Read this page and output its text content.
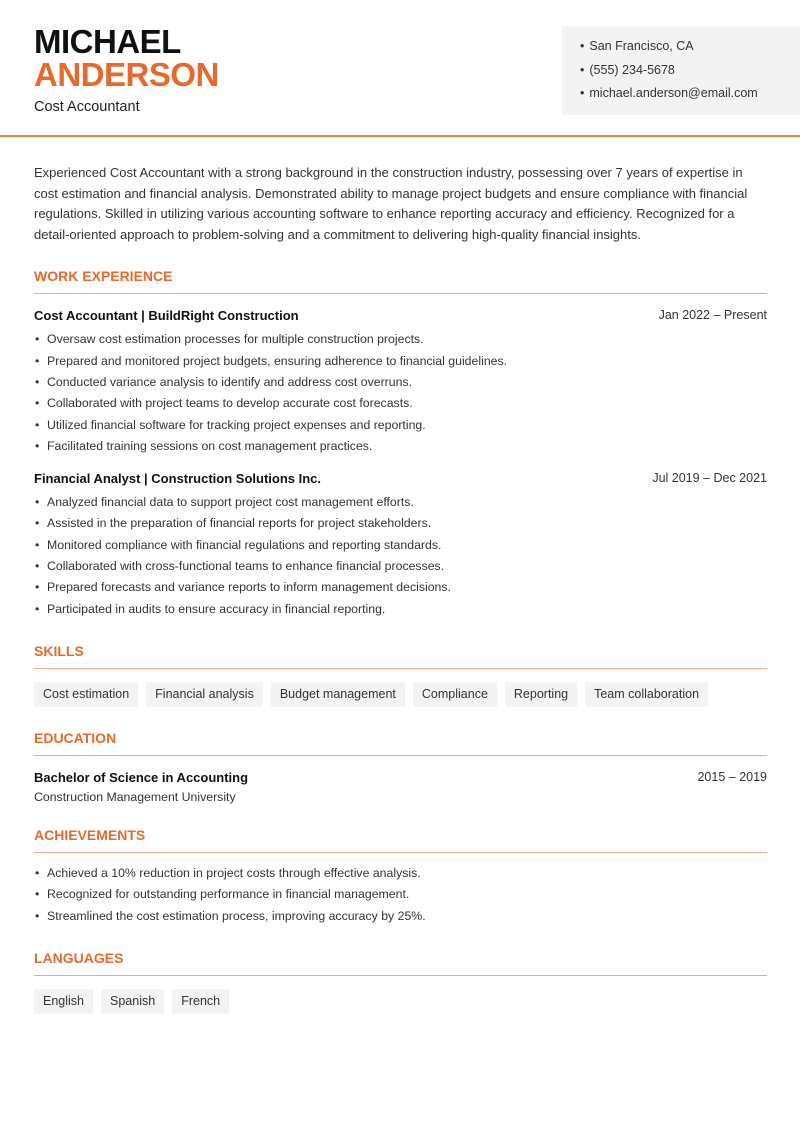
MICHAEL
ANDERSON
Cost Accountant
• San Francisco, CA
• (555) 234-5678
• michael.anderson@email.com

Experienced Cost Accountant with a strong background in the construction industry, possessing over 7 years of expertise in cost estimation and financial analysis. Demonstrated ability to manage project budgets and ensure compliance with financial regulations. Skilled in utilizing various accounting software to enhance reporting accuracy and efficiency. Recognized for a detail-oriented approach to problem-solving and a commitment to delivering high-quality financial insights.

WORK EXPERIENCE
Cost Accountant | BuildRight Construction	Jan 2022 – Present
• Oversaw cost estimation processes for multiple construction projects.
• Prepared and monitored project budgets, ensuring adherence to financial guidelines.
• Conducted variance analysis to identify and address cost overruns.
• Collaborated with project teams to develop accurate cost forecasts.
• Utilized financial software for tracking project expenses and reporting.
• Facilitated training sessions on cost management practices.
Financial Analyst | Construction Solutions Inc.	Jul 2019 – Dec 2021
• Analyzed financial data to support project cost management efforts.
• Assisted in the preparation of financial reports for project stakeholders.
• Monitored compliance with financial regulations and reporting standards.
• Collaborated with cross-functional teams to enhance financial processes.
• Prepared forecasts and variance reports to inform management decisions.
• Participated in audits to ensure accuracy in financial reporting.
SKILLS
Cost estimation	Financial analysis	Budget management	Compliance	Reporting	Team collaboration
EDUCATION
Bachelor of Science in Accounting	2015 – 2019
Construction Management University
ACHIEVEMENTS
• Achieved a 10% reduction in project costs through effective analysis.
• Recognized for outstanding performance in financial management.
• Streamlined the cost estimation process, improving accuracy by 25%.
LANGUAGES
English	Spanish	French
